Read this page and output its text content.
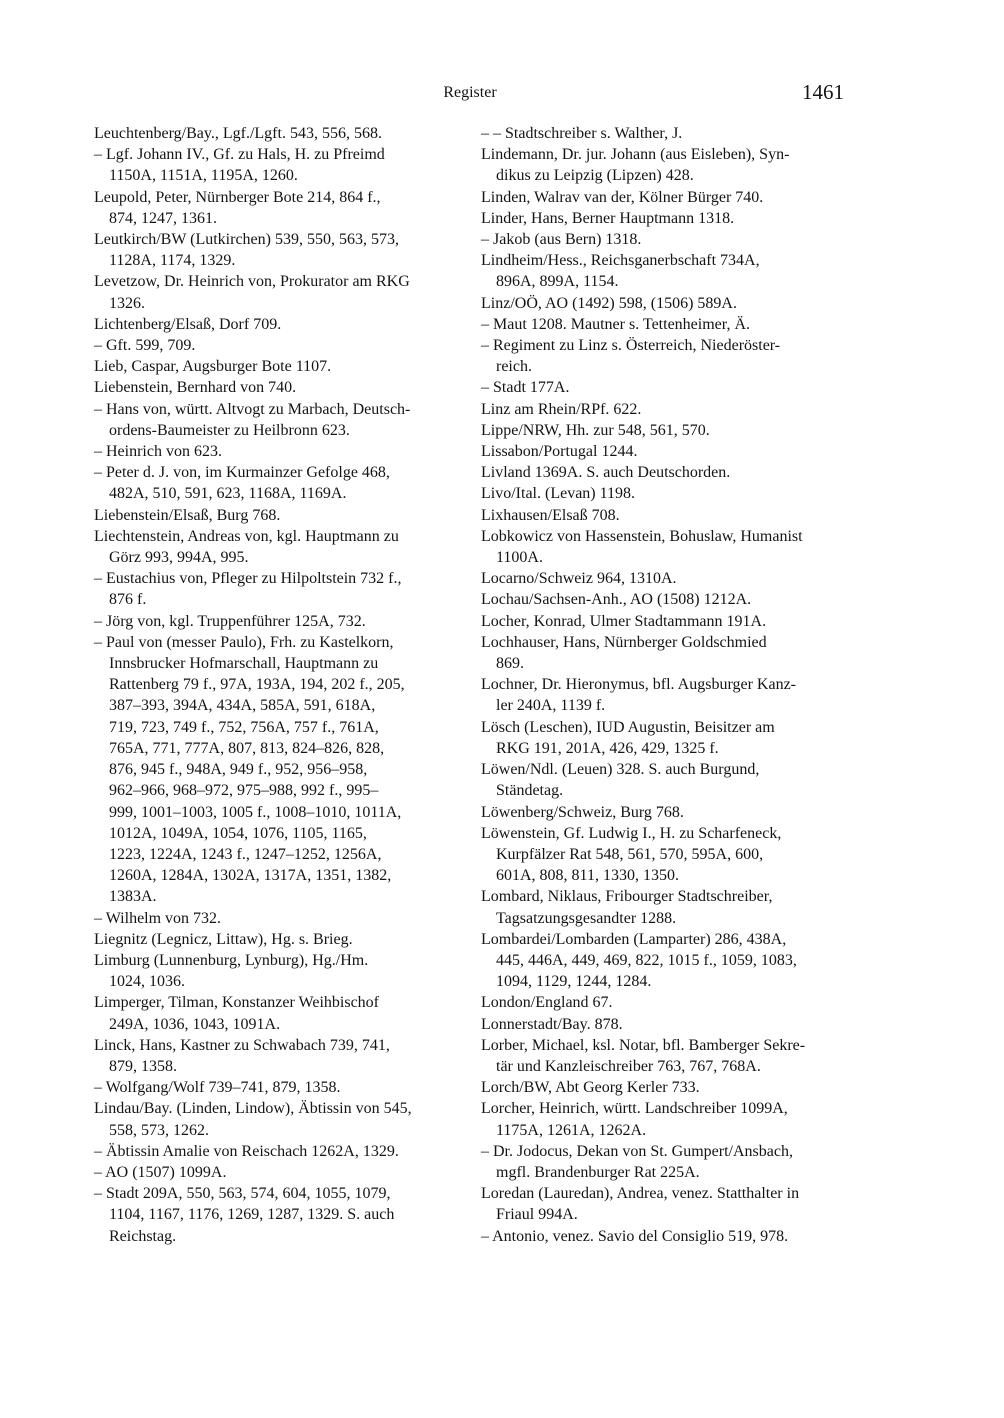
Register	1461

Leuchtenberg/Bay., Lgf./Lgft. 543, 556, 568.

– Lgf. Johann IV., Gf. zu Hals, H. zu Pfreimd
1150A, 1151A, 1195A, 1260.

Leupold, Peter, Nürnberger Bote 214, 864 f.,
874, 1247, 1361.

Leutkirch/BW (Lutkirchen) 539, 550, 563, 573,
1128A, 1174, 1329.

Levetzow, Dr. Heinrich von, Prokurator am RKG
1326.

Lichtenberg/Elsaß, Dorf 709.

– Gft. 599, 709.

Lieb, Caspar, Augsburger Bote 1107.

Liebenstein, Bernhard von 740.

– Hans von, württ. Altvogt zu Marbach, Deutsch-
ordens-Baumeister zu Heilbronn 623.

– Heinrich von 623.

– Peter d. J. von, im Kurmainzer Gefolge 468,
482A, 510, 591, 623, 1168A, 1169A.

Liebenstein/Elsaß, Burg 768.

Liechtenstein, Andreas von, kgl. Hauptmann zu
Görz 993, 994A, 995.

– Eustachius von, Pfleger zu Hilpoltstein 732 f.,
876 f.

– Jörg von, kgl. Truppenführer 125A, 732.

– Paul von (messer Paulo), Frh. zu Kastelkorn,
Innsbrucker Hofmarschall, Hauptmann zu
Rattenberg 79 f., 97A, 193A, 194, 202 f., 205,
387–393, 394A, 434A, 585A, 591, 618A,
719, 723, 749 f., 752, 756A, 757 f., 761A,
765A, 771, 777A, 807, 813, 824–826, 828,
876, 945 f., 948A, 949 f., 952, 956–958,
962–966, 968–972, 975–988, 992 f., 995–
999, 1001–1003, 1005 f., 1008–1010, 1011A,
1012A, 1049A, 1054, 1076, 1105, 1165,
1223, 1224A, 1243 f., 1247–1252, 1256A,
1260A, 1284A, 1302A, 1317A, 1351, 1382,
1383A.

– Wilhelm von 732.

Liegnitz (Legnicz, Littaw), Hg. s. Brieg.

Limburg (Lunnenburg, Lynburg), Hg./Hm.
1024, 1036.

Limperger, Tilman, Konstanzer Weihbischof
249A, 1036, 1043, 1091A.

Linck, Hans, Kastner zu Schwabach 739, 741,
879, 1358.

– Wolfgang/Wolf 739–741, 879, 1358.

Lindau/Bay. (Linden, Lindow), Äbtissin von 545,
558, 573, 1262.

– Äbtissin Amalie von Reischach 1262A, 1329.

– AO (1507) 1099A.

– Stadt 209A, 550, 563, 574, 604, 1055, 1079,
1104, 1167, 1176, 1269, 1287, 1329. S. auch
Reichstag.

– – Stadtschreiber s. Walther, J.

Lindemann, Dr. jur. Johann (aus Eisleben), Syn-
dikus zu Leipzig (Lipzen) 428.

Linden, Walrav van der, Kölner Bürger 740.

Linder, Hans, Berner Hauptmann 1318.

– Jakob (aus Bern) 1318.

Lindheim/Hess., Reichsganerbschaft 734A,
896A, 899A, 1154.

Linz/OÖ, AO (1492) 598, (1506) 589A.

– Maut 1208. Mautner s. Tettenheimer, Ä.

– Regiment zu Linz s. Österreich, Niederöster-
reich.

– Stadt 177A.

Linz am Rhein/RPf. 622.

Lippe/NRW, Hh. zur 548, 561, 570.

Lissabon/Portugal 1244.

Livland 1369A. S. auch Deutschorden.

Livo/Ital. (Levan) 1198.

Lixhausen/Elsaß 708.

Lobkowicz von Hassenstein, Bohuslaw, Humanist
1100A.

Locarno/Schweiz 964, 1310A.

Lochau/Sachsen-Anh., AO (1508) 1212A.

Locher, Konrad, Ulmer Stadtammann 191A.

Lochhauser, Hans, Nürnberger Goldschmied
869.

Lochner, Dr. Hieronymus, bfl. Augsburger Kanz-
ler 240A, 1139 f.

Lösch (Leschen), IUD Augustin, Beisitzer am
RKG 191, 201A, 426, 429, 1325 f.

Löwen/Ndl. (Leuen) 328. S. auch Burgund,
Ständetag.

Löwenberg/Schweiz, Burg 768.

Löwenstein, Gf. Ludwig I., H. zu Scharfeneck,
Kurpfälzer Rat 548, 561, 570, 595A, 600,
601A, 808, 811, 1330, 1350.

Lombard, Niklaus, Fribourger Stadtschreiber,
Tagsatzungsgesandter 1288.

Lombardei/Lombarden (Lamparter) 286, 438A,
445, 446A, 449, 469, 822, 1015 f., 1059, 1083,
1094, 1129, 1244, 1284.

London/England 67.

Lonnerstadt/Bay. 878.

Lorber, Michael, ksl. Notar, bfl. Bamberger Sekre-
tär und Kanzleischreiber 763, 767, 768A.

Lorch/BW, Abt Georg Kerler 733.

Lorcher, Heinrich, württ. Landschreiber 1099A,
1175A, 1261A, 1262A.

– Dr. Jodocus, Dekan von St. Gumpert/Ansbach,
mgfl. Brandenburger Rat 225A.

Loredan (Lauredan), Andrea, venez. Statthalter in
Friaul 994A.

– Antonio, venez. Savio del Consiglio 519, 978.
